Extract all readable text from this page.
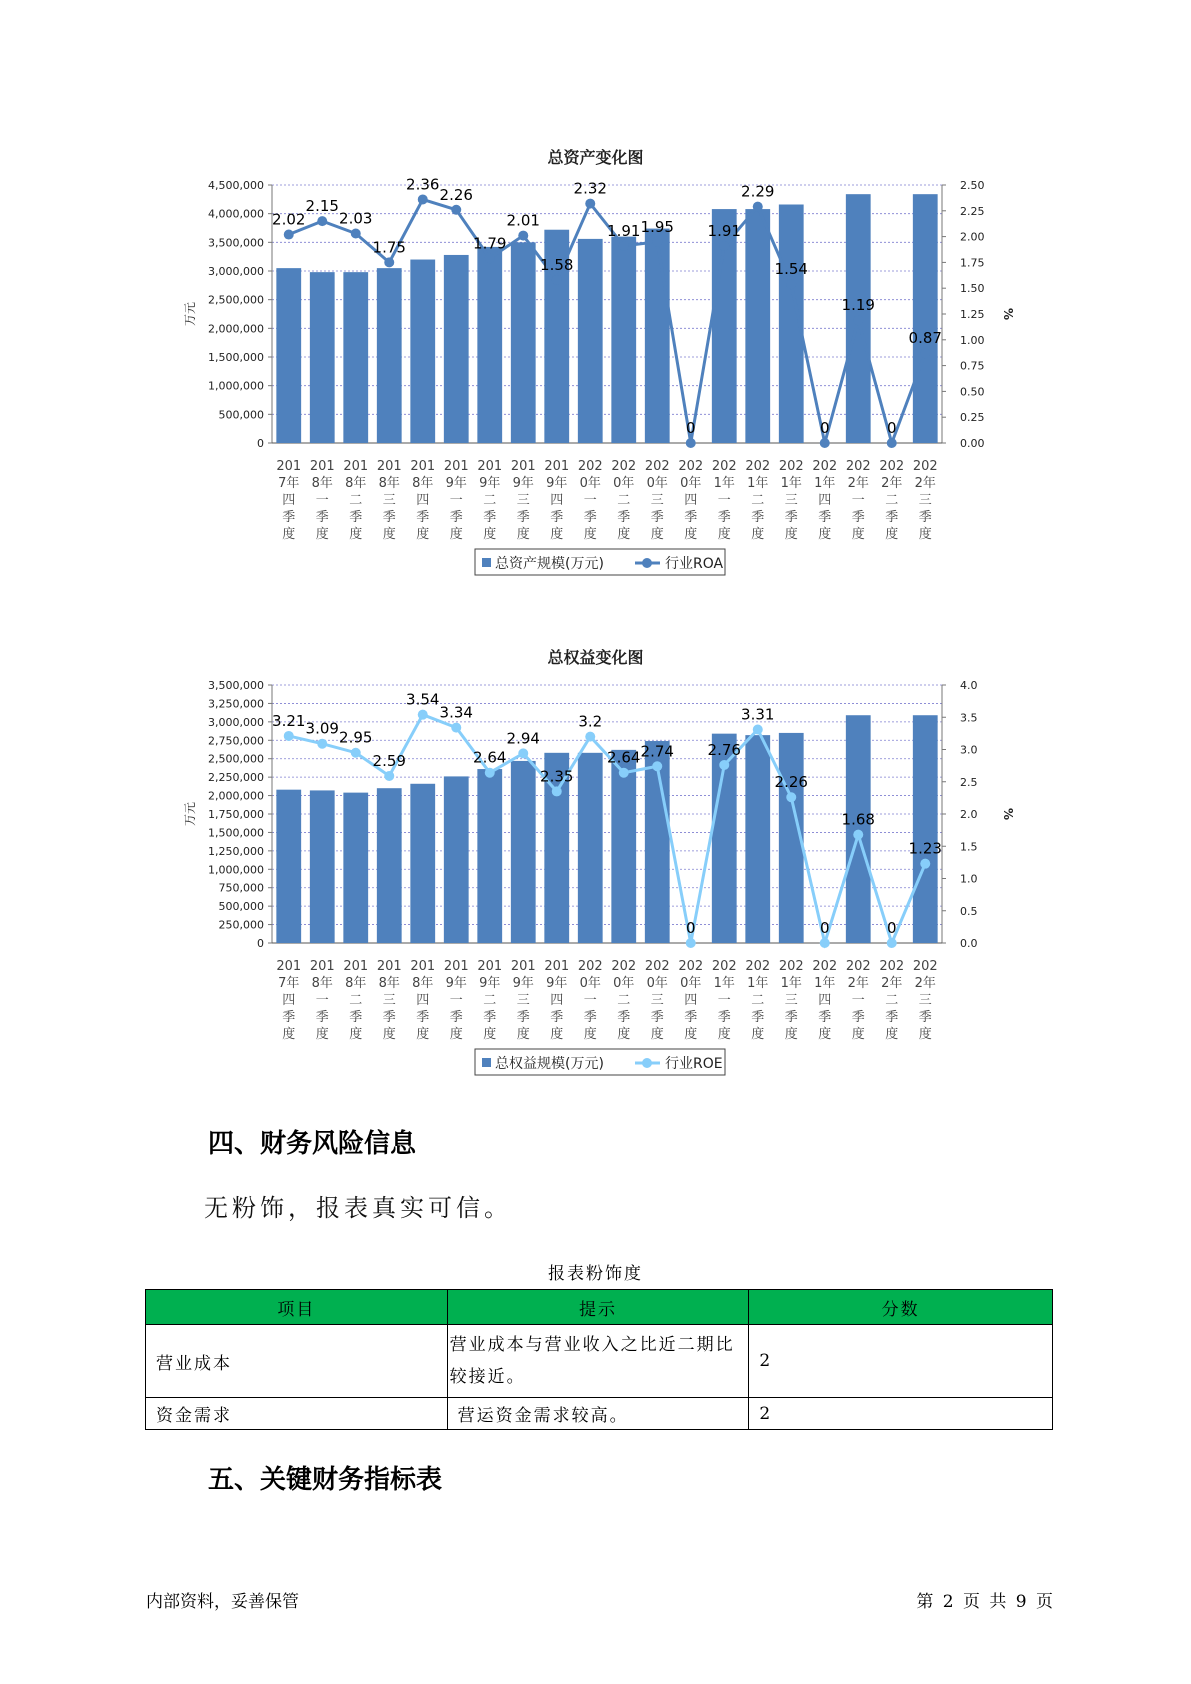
总资产变化图
0
500,000
1,000,000
1,500,000
2,000,000
2,500,000
3,000,000
3,500,000
4,000,000
4,500,000
0.00
0.25
0.50
0.75
1.00
1.25
1.50
1.75
2.00
2.25
2.50
万元	%
2.02
2.15
2.03
1.75
2.36
2.26
1.79
2.01
1.58
2.32
1.91 1.95
0
1.91
2.29
1.54
0
1.19
0
0.87
201
7年
四
季
度
201
8年
一
季
度
201
8年
二
季
度
201
8年
三
季
度
201
8年
四
季
度
201
9年
一
季
度
201
9年
二
季
度
201
9年
三
季
度
201
9年
四
季
度
202
0年
一
季
度
202
0年
二
季
度
202
0年
三
季
度
202
0年
四
季
度
202
1年
一
季
度
202
1年
二
季
度
202
1年
三
季
度
202
1年
四
季
度
202
2年
一
季
度
202
2年
二
季
度
202
2年
三
季
度
总资产规模(万元)	行业ROA
总权益变化图
0
250,000
500,000
750,000
1,000,000
1,250,000
1,500,000
1,750,000
2,000,000
2,250,000
2,500,000
2,750,000
3,000,000
3,250,000
3,500,000
0.0
0.5
1.0
1.5
2.0
2.5
3.0
3.5
4.0
万元	%
3.21 3.09
2.95
2.59
3.54
3.34
2.64
2.94
2.35
3.2
2.64 2.74
0
2.76
3.31
2.26
0
1.68
0
1.23
201
7年
四
季
度
201
8年
一
季
度
201
8年
二
季
度
201
8年
三
季
度
201
8年
四
季
度
201
9年
一
季
度
201
9年
二
季
度
201
9年
三
季
度
201
9年
四
季
度
202
0年
一
季
度
202
0年
二
季
度
202
0年
三
季
度
202
0年
四
季
度
202
1年
一
季
度
202
1年
二
季
度
202
1年
三
季
度
202
1年
四
季
度
202
2年
一
季
度
202
2年
二
季
度
202
2年
三
季
度
总权益规模(万元)	行业ROE
四、财务风险信息
无粉饰，报表真实可信。
报表粉饰度
项目	提示	分数
营业成本	营业成本与营业收入之比近二期比较接近。	2
资金需求	营运资金需求较高。	2
五、关键财务指标表
内部资料，妥善保管	第 2 页 共 9 页
